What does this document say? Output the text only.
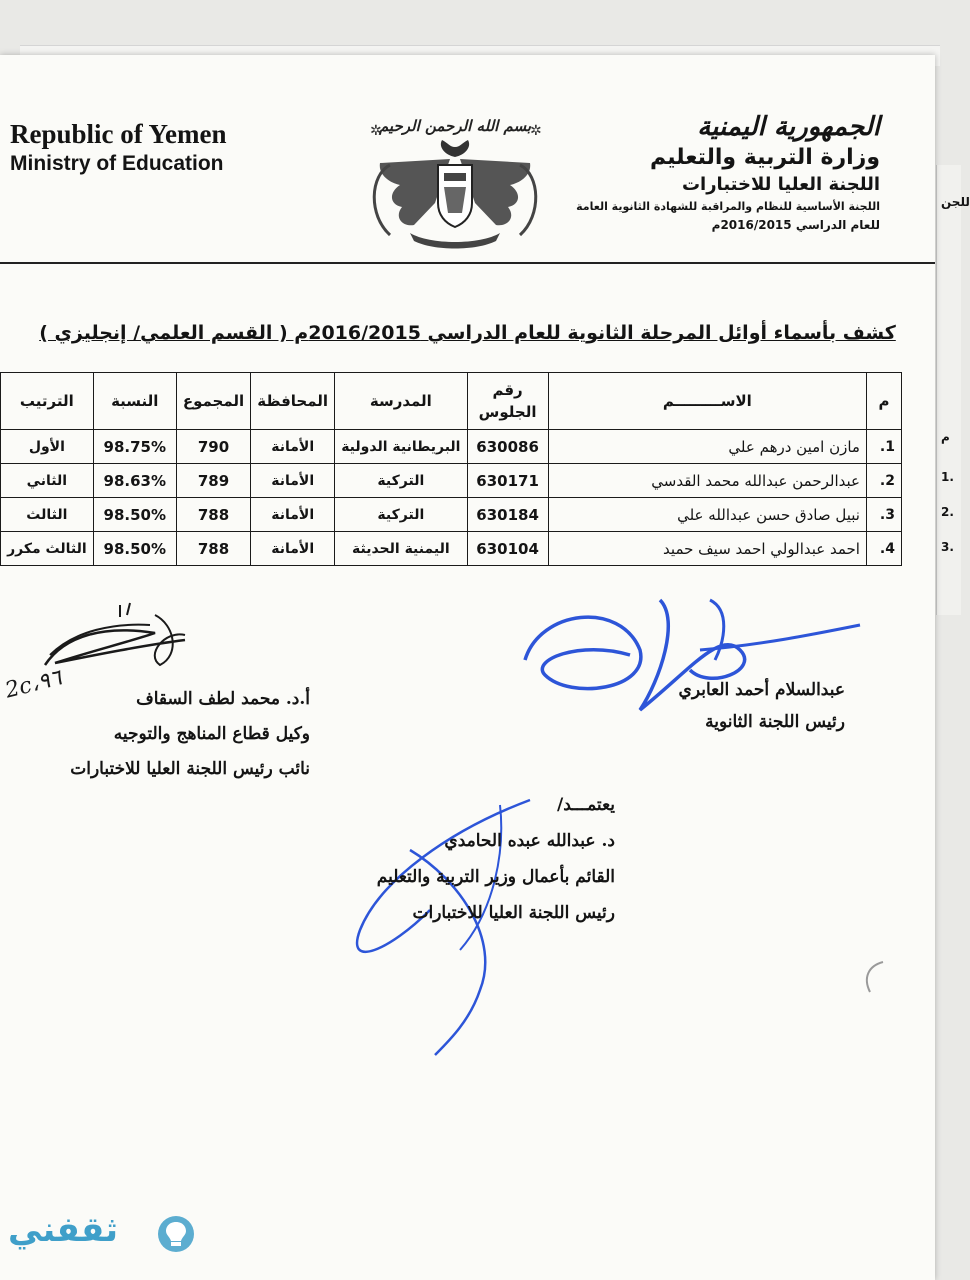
للجن
م
1.
2.
3.
Republic of Yemen
Ministry of Education
الجمهورية اليمنية
وزارة التربية والتعليم
اللجنة العليا للاختبارات
اللجنة الأساسية للنظام والمراقبة للشهادة الثانوية العامة
للعام الدراسي 2016/2015م
بسم الله الرحمن الرحيم
✲	✲
كشف بأسماء أوائل المرحلة الثانوية للعام الدراسي 2016/2015م ( القسم العلمي/ إنجليزي )
م	الاســـــــــم	رقم الجلوس	المدرسة	المحافظة	المجموع	النسبة	الترتيب
1.	مازن امين درهم علي	630086	البريطانية الدولية	الأمانة	790	98.75%	الأول
2.	عبدالرحمن عبدالله محمد القدسي	630171	التركية	الأمانة	789	98.63%	الثاني
3.	نبيل صادق حسن عبدالله علي	630184	التركية	الأمانة	788	98.50%	الثالث
4.	احمد عبدالولي احمد سيف حميد	630104	اليمنية الحديثة	الأمانة	788	98.50%	الثالث مكرر
2c،٩٦
أ.د. محمد لطف السقاف
وكيل قطاع المناهج والتوجيه
نائب رئيس اللجنة العليا للاختبارات
عبدالسلام أحمد العابري
رئيس اللجنة الثانوية
يعتمـــد/
د. عبدالله عبده الحامدي
القائم بأعمال وزير التربية والتعليم
رئيس اللجنة العليا للاختبارات
ثقفني
